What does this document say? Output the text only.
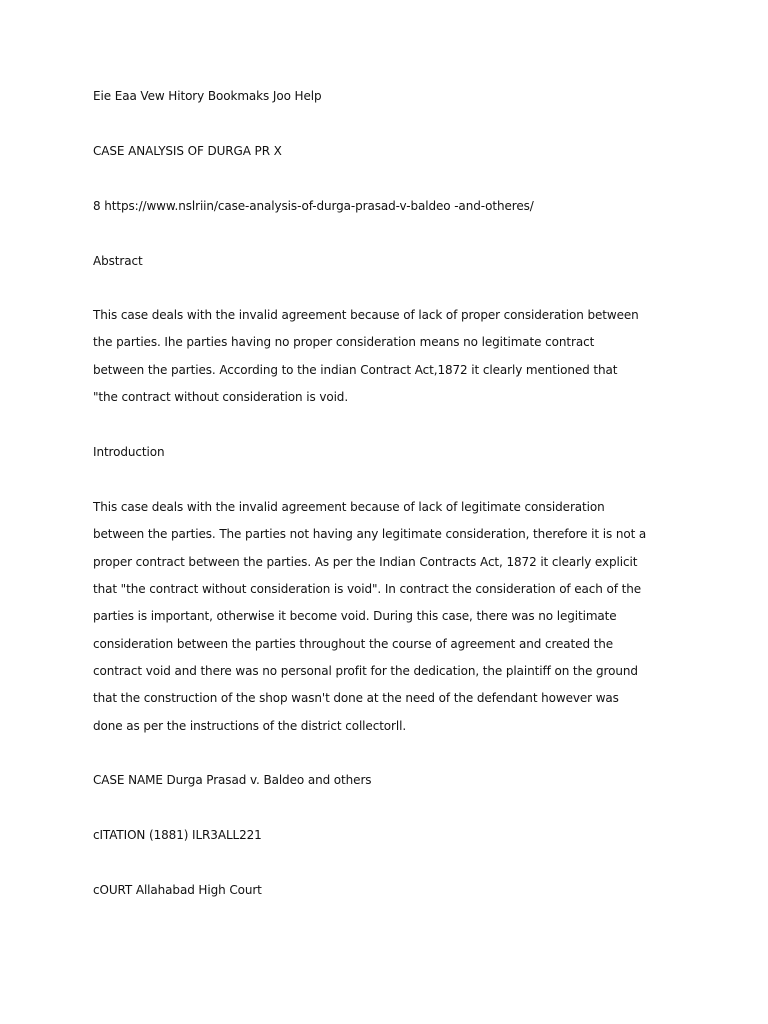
Eie Eaa Vew Hitory Bookmaks Joo Help
CASE ANALYSIS OF DURGA PR X
8 https://www.nslriin/case-analysis-of-durga-prasad-v-baldeo -and-otheres/
Abstract
This case deals with the invalid agreement because of lack of proper consideration between
the parties. Ihe parties having no proper consideration means no legitimate contract
between the parties. According to the indian Contract Act,1872 it clearly mentioned that
"the contract without consideration is void.
Introduction
This case deals with the invalid agreement because of lack of legitimate consideration
between the parties. The parties not having any legitimate consideration, therefore it is not a
proper contract between the parties. As per the Indian Contracts Act, 1872 it clearly explicit
that "the contract without consideration is void". In contract the consideration of each of the
parties is important, otherwise it become void. During this case, there was no legitimate
consideration between the parties throughout the course of agreement and created the
contract void and there was no personal profit for the dedication, the plaintiff on the ground
that the construction of the shop wasn't done at the need of the defendant however was
done as per the instructions of the district collectorll.
CASE NAME Durga Prasad v. Baldeo and others
cITATION (1881) ILR3ALL221
cOURT Allahabad High Court
